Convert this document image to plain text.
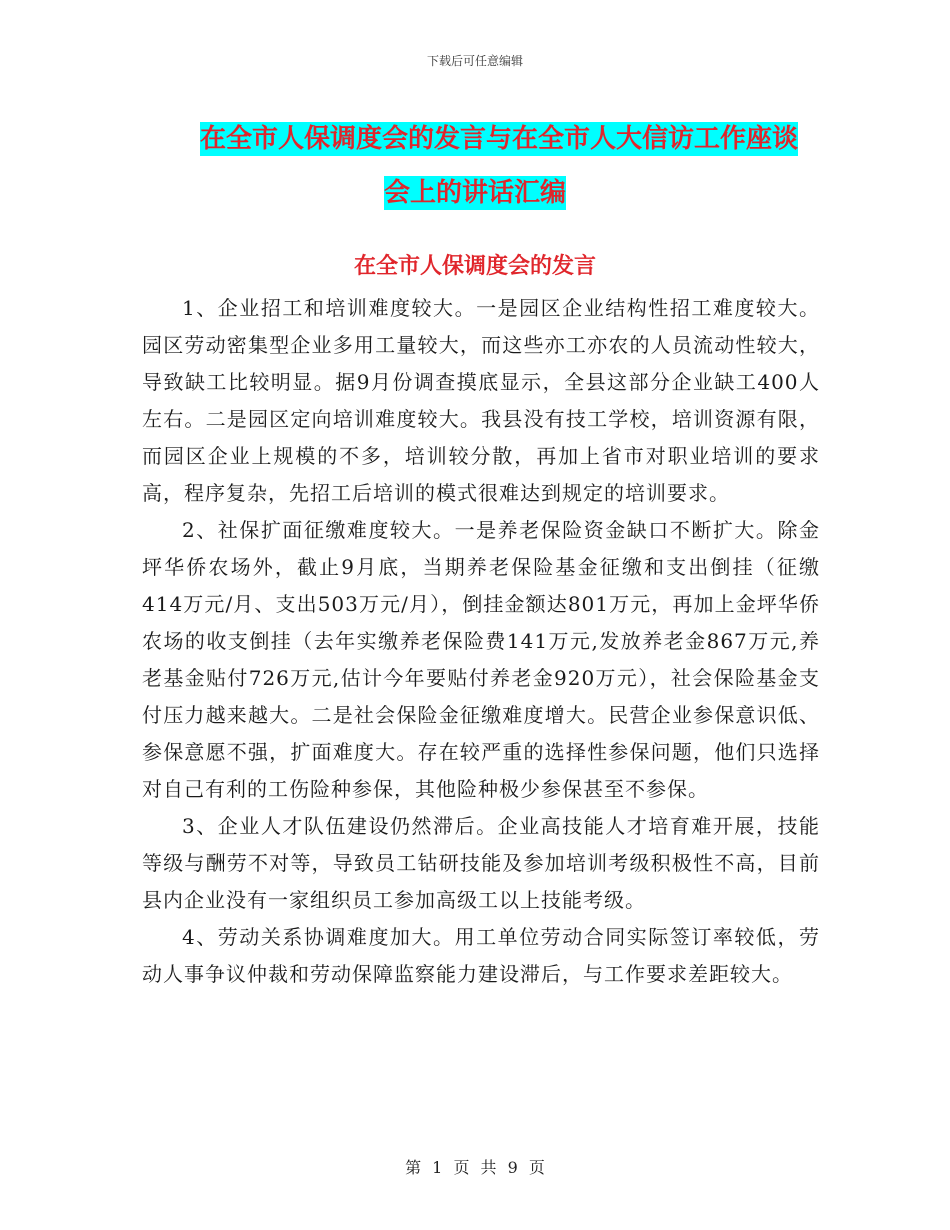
下载后可任意编辑
在全市人保调度会的发言与在全市人大信访工作座谈
会上的讲话汇编
在全市人保调度会的发言

1、企业招工和培训难度较大。一是园区企业结构性招工难度较大。园区劳动密集型企业多用工量较大，而这些亦工亦农的人员流动性较大，导致缺工比较明显。据9月份调查摸底显示，全县这部分企业缺工400人左右。二是园区定向培训难度较大。我县没有技工学校，培训资源有限，而园区企业上规模的不多，培训较分散，再加上省市对职业培训的要求高，程序复杂，先招工后培训的模式很难达到规定的培训要求。

2、社保扩面征缴难度较大。一是养老保险资金缺口不断扩大。除金坪华侨农场外，截止9月底，当期养老保险基金征缴和支出倒挂（征缴414万元/月、支出503万元/月），倒挂金额达801万元，再加上金坪华侨农场的收支倒挂（去年实缴养老保险费141万元,发放养老金867万元,养老基金贴付726万元,估计今年要贴付养老金920万元），社会保险基金支付压力越来越大。二是社会保险金征缴难度增大。民营企业参保意识低、参保意愿不强，扩面难度大。存在较严重的选择性参保问题，他们只选择对自己有利的工伤险种参保，其他险种极少参保甚至不参保。

3、企业人才队伍建设仍然滞后。企业高技能人才培育难开展，技能等级与酬劳不对等，导致员工钻研技能及参加培训考级积极性不高，目前县内企业没有一家组织员工参加高级工以上技能考级。

4、劳动关系协调难度加大。用工单位劳动合同实际签订率较低，劳动人事争议仲裁和劳动保障监察能力建设滞后，与工作要求差距较大。

第 1 页 共 9 页
